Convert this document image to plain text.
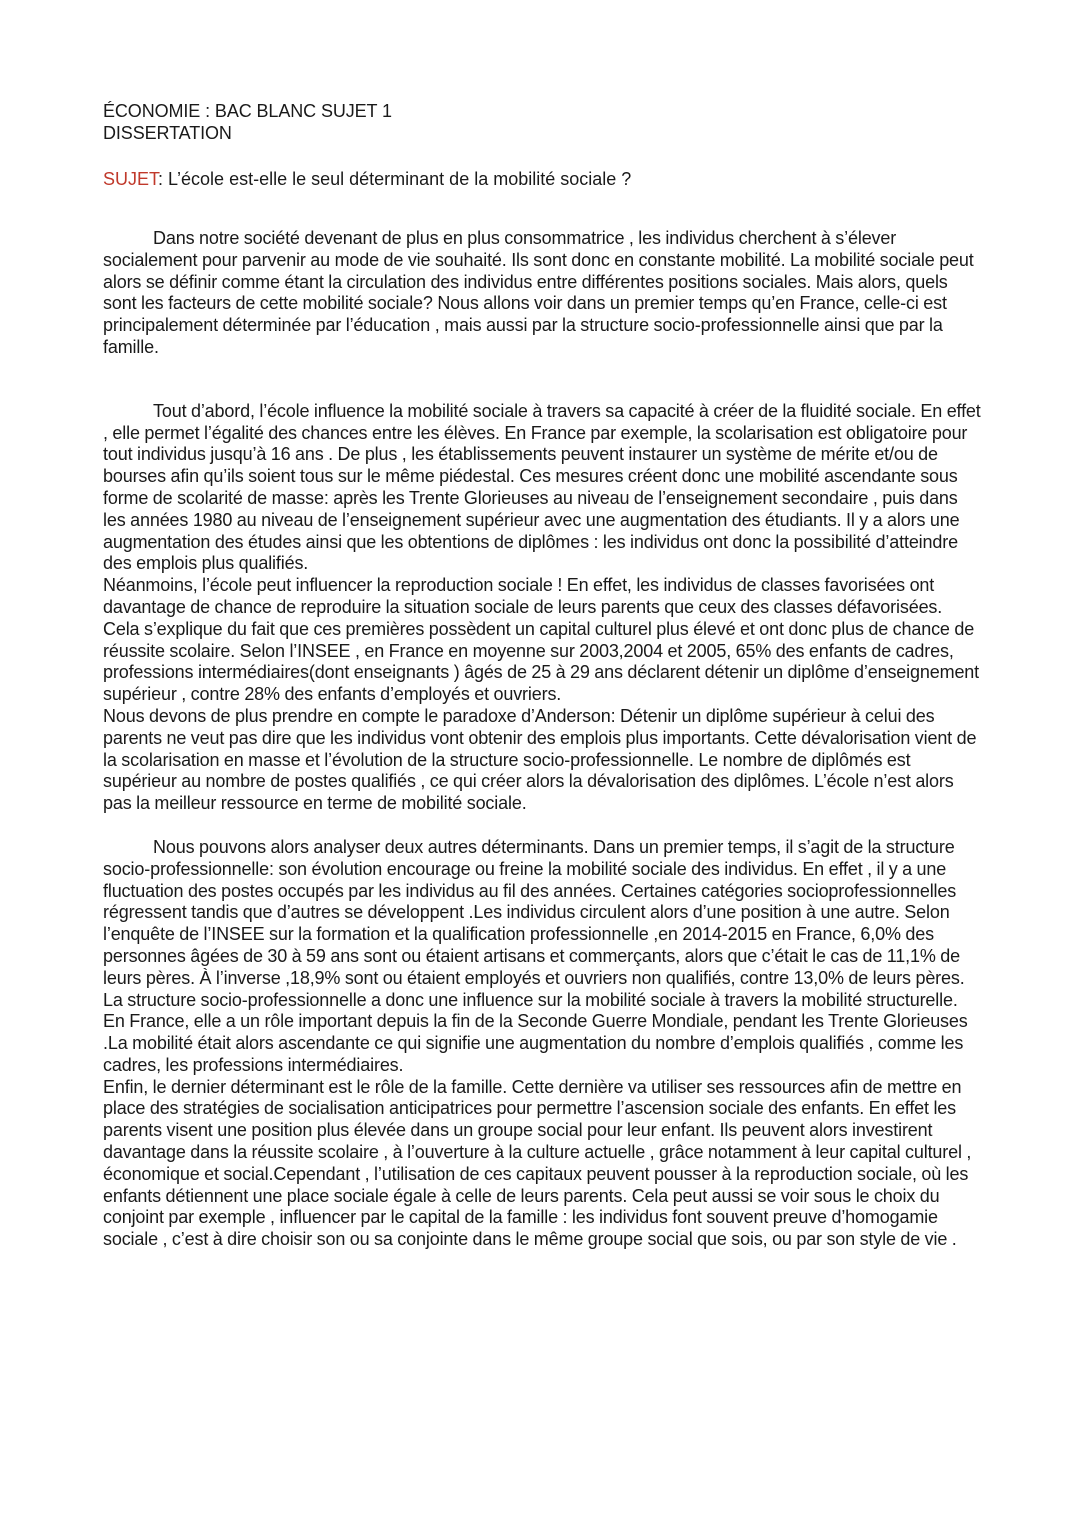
ÉCONOMIE : BAC BLANC SUJET 1

DISSERTATION

SUJET: L’école est-elle le seul déterminant de la mobilité sociale ?

Dans notre société devenant de plus en plus consommatrice , les individus cherchent à s’élever socialement pour parvenir au mode de vie souhaité. Ils sont donc en constante mobilité. La mobilité sociale peut alors se définir comme étant la circulation des individus entre différentes positions sociales. Mais alors, quels sont les facteurs de cette mobilité sociale? Nous allons voir dans un premier temps qu’en France, celle-ci est principalement déterminée par l’éducation , mais aussi par la structure socio-professionnelle ainsi que par la famille.

Tout d’abord, l’école influence la mobilité sociale à travers sa capacité à créer de la fluidité sociale. En effet , elle permet l’égalité des chances entre les élèves. En France par exemple, la scolarisation est obligatoire pour tout individus jusqu’à 16 ans . De plus , les établissements peuvent instaurer un système de mérite et/ou de bourses afin qu’ils soient tous sur le même piédestal. Ces mesures créent donc une mobilité ascendante sous forme de scolarité de masse: après les Trente Glorieuses au niveau de l’enseignement secondaire , puis dans les années 1980 au niveau de l’enseignement supérieur avec une augmentation des étudiants. Il y a alors une augmentation des études ainsi que les obtentions de diplômes : les individus ont donc la possibilité d’atteindre des emplois plus qualifiés.

Néanmoins, l’école peut influencer la reproduction sociale ! En effet, les individus de classes favorisées ont davantage de chance de reproduire la situation sociale de leurs parents que ceux des classes défavorisées. Cela s’explique du fait que ces premières possèdent un capital culturel plus élevé et ont donc plus de chance de réussite scolaire. Selon l’INSEE , en France en moyenne sur 2003,2004 et 2005, 65% des enfants de cadres, professions intermédiaires(dont enseignants ) âgés de 25 à 29 ans déclarent détenir un diplôme d’enseignement supérieur , contre 28% des enfants d’employés et ouvriers.

Nous devons de plus prendre en compte le paradoxe d’Anderson: Détenir un diplôme supérieur à celui des parents ne veut pas dire que les individus vont obtenir des emplois plus importants. Cette dévalorisation vient de la scolarisation en masse et l’évolution de la structure socio-professionnelle. Le nombre de diplômés est supérieur au nombre de postes qualifiés , ce qui créer alors la dévalorisation des diplômes. L’école n’est alors pas la meilleur ressource en terme de mobilité sociale.

Nous pouvons alors analyser deux autres déterminants. Dans un premier temps, il s’agit de la structure socio-professionnelle: son évolution encourage ou freine la mobilité sociale des individus. En effet , il y a une fluctuation des postes occupés par les individus au fil des années. Certaines catégories socioprofessionnelles régressent tandis que d’autres se développent .Les individus circulent alors d’une position à une autre. Selon l’enquête de l’INSEE sur la formation et la qualification professionnelle ,en 2014-2015 en France, 6,0% des personnes âgées de 30 à 59 ans sont ou étaient artisans et commerçants, alors que c’était le cas de 11,1% de leurs pères. À l’inverse ,18,9% sont ou étaient employés et ouvriers non qualifiés, contre 13,0% de leurs pères. La structure socio-professionnelle a donc une influence sur la mobilité sociale à travers la mobilité structurelle. En France, elle a un rôle important depuis la fin de la Seconde Guerre Mondiale, pendant les Trente Glorieuses .La mobilité était alors ascendante ce qui signifie une augmentation du nombre d’emplois qualifiés , comme les cadres, les professions intermédiaires.

Enfin, le dernier déterminant est le rôle de la famille. Cette dernière va utiliser ses ressources afin de mettre en place des stratégies de socialisation anticipatrices pour permettre l’ascension sociale des enfants. En effet les parents visent une position plus élevée dans un groupe social pour leur enfant. Ils peuvent alors investirent davantage dans la réussite scolaire , à l’ouverture à la culture actuelle , grâce notamment à leur capital culturel , économique et social.Cependant , l’utilisation de ces capitaux peuvent pousser à la reproduction sociale, où les enfants détiennent une place sociale égale à celle de leurs parents. Cela peut aussi se voir sous le choix du conjoint par exemple , influencer par le capital de la famille : les individus font souvent preuve d’homogamie sociale , c’est à dire choisir son ou sa conjointe dans le même groupe social que sois, ou par son style de vie .
